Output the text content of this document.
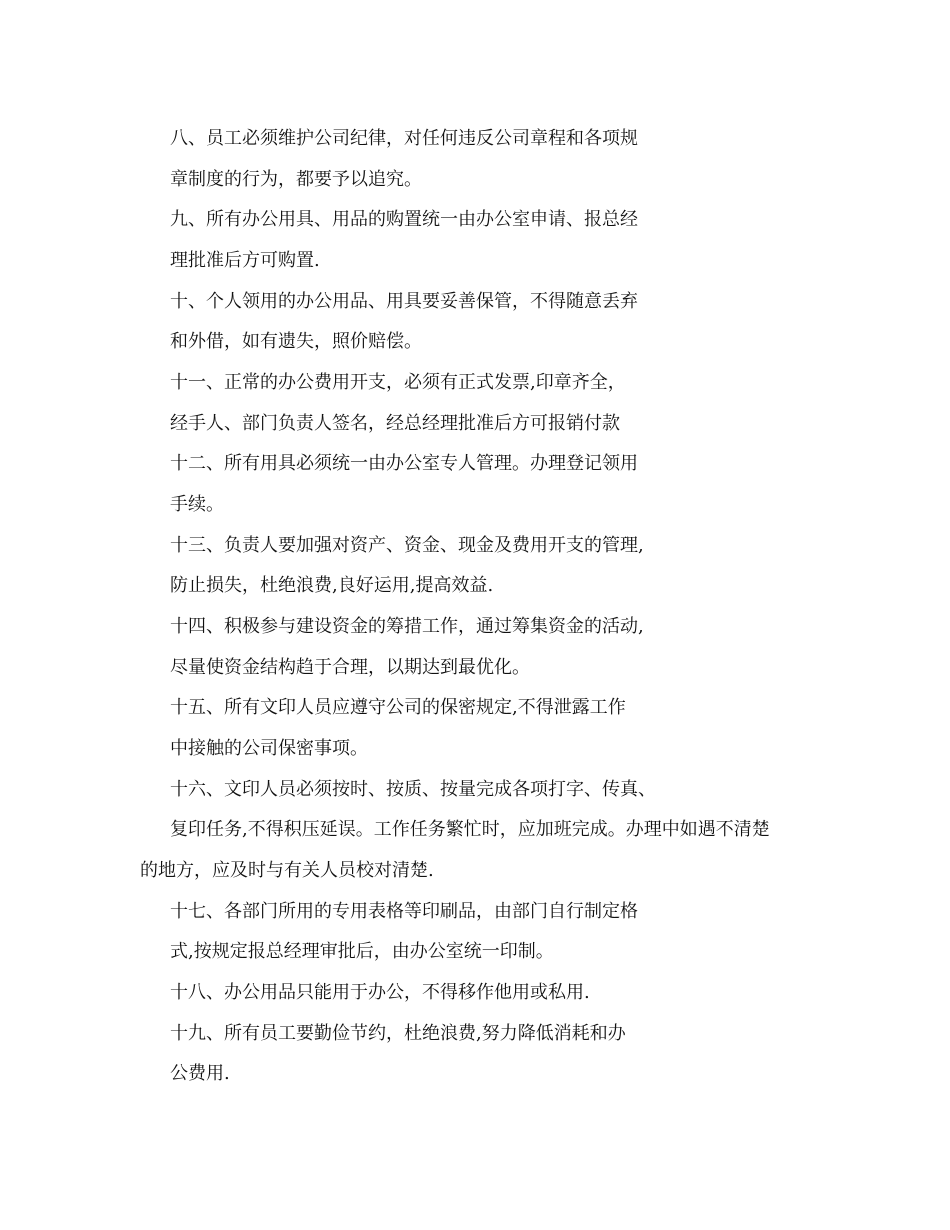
八、员工必须维护公司纪律，对任何违反公司章程和各项规
章制度的行为，都要予以追究。
九、所有办公用具、用品的购置统一由办公室申请、报总经
理批准后方可购置.
十、个人领用的办公用品、用具要妥善保管，不得随意丢弃
和外借，如有遗失，照价赔偿。
十一、正常的办公费用开支，必须有正式发票,印章齐全，
经手人、部门负责人签名，经总经理批准后方可报销付款
十二、所有用具必须统一由办公室专人管理。办理登记领用
手续。
十三、负责人要加强对资产、资金、现金及费用开支的管理,
防止损失，杜绝浪费,良好运用,提高效益.
十四、积极参与建设资金的筹措工作，通过筹集资金的活动,
尽量使资金结构趋于合理，以期达到最优化。
十五、所有文印人员应遵守公司的保密规定,不得泄露工作
中接触的公司保密事项。
十六、文印人员必须按时、按质、按量完成各项打字、传真、
复印任务,不得积压延误。工作任务繁忙时，应加班完成。办理中如遇不清楚
的地方，应及时与有关人员校对清楚.
十七、各部门所用的专用表格等印刷品，由部门自行制定格
式,按规定报总经理审批后，由办公室统一印制。
十八、办公用品只能用于办公，不得移作他用或私用.
十九、所有员工要勤俭节约，杜绝浪费,努力降低消耗和办
公费用.
